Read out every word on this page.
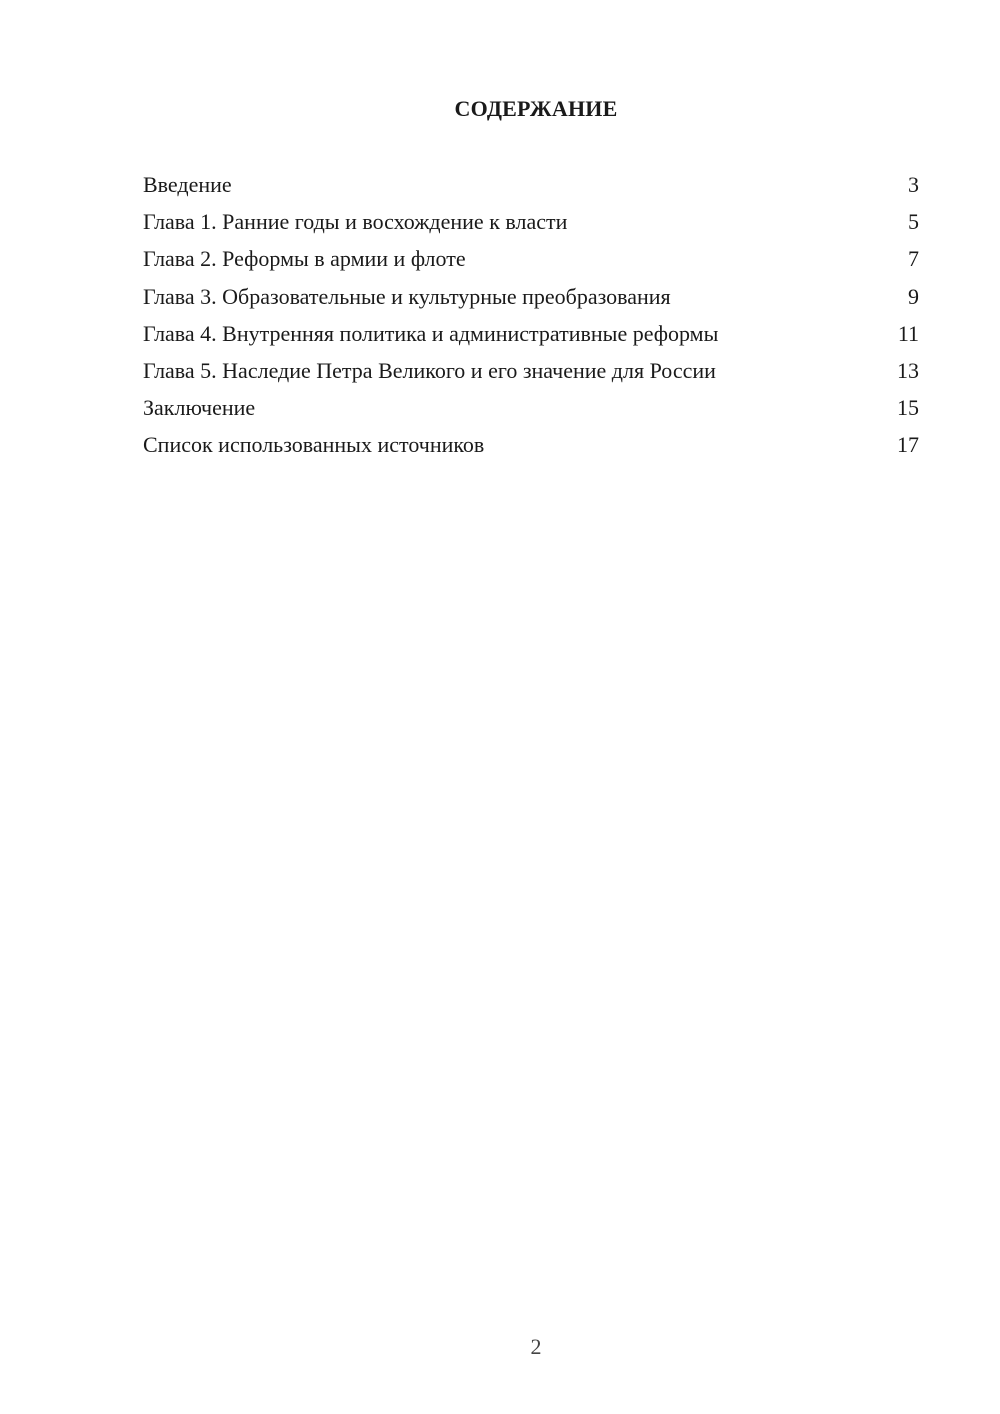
СОДЕРЖАНИЕ
Введение	3
Глава 1. Ранние годы и восхождение к власти	5
Глава 2. Реформы в армии и флоте	7
Глава 3. Образовательные и культурные преобразования	9
Глава 4. Внутренняя политика и административные реформы	11
Глава 5. Наследие Петра Великого и его значение для России	13
Заключение	15
Список использованных источников	17
2
